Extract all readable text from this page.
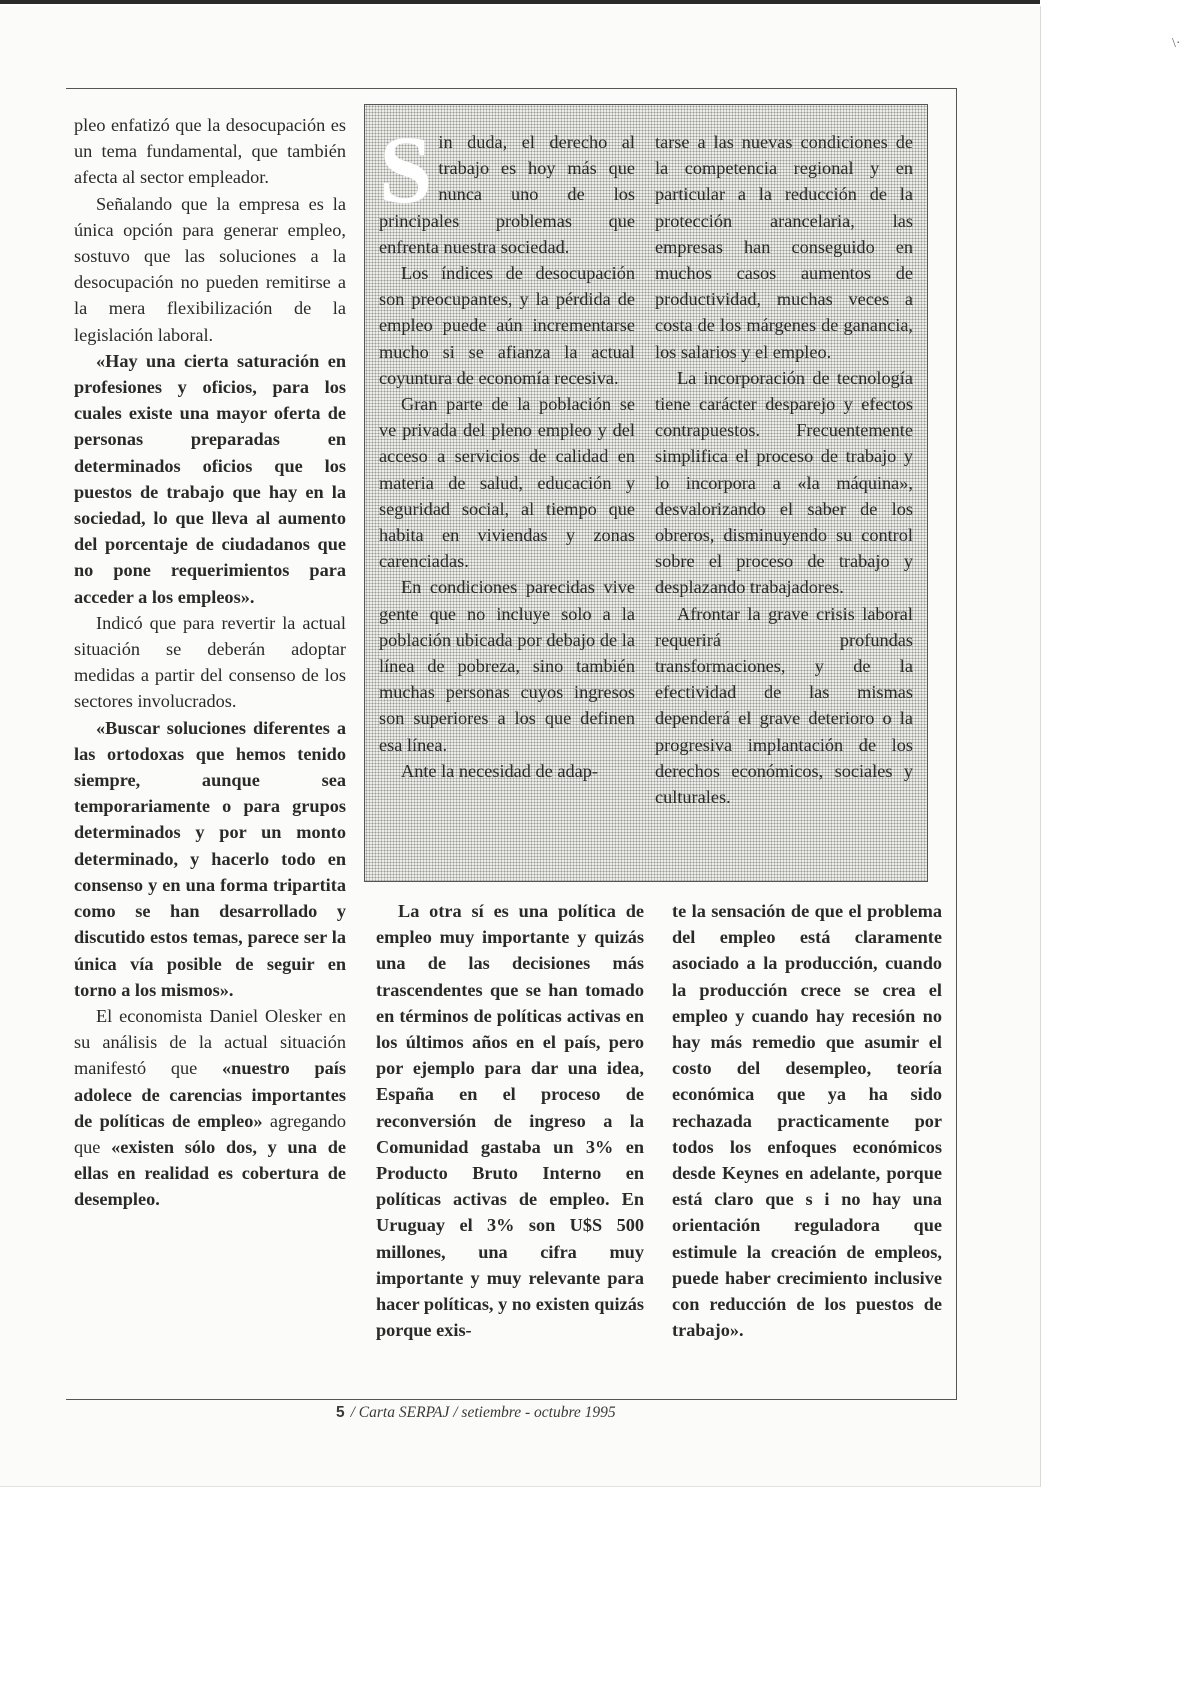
pleo enfatizó que la desocupación es un tema fundamental, que también afecta al sector empleador.

Señalando que la empresa es la única opción para generar empleo, sostuvo que las soluciones a la desocupación no pueden remitirse a la mera flexibilización de la legislación laboral.

«Hay una cierta saturación en profesiones y oficios, para los cuales existe una mayor oferta de personas preparadas en determinados oficios que los puestos de trabajo que hay en la sociedad, lo que lleva al aumento del porcentaje de ciudadanos que no pone requerimientos para acceder a los empleos».

Indicó que para revertir la actual situación se deberán adoptar medidas a partir del consenso de los sectores involucrados.

«Buscar soluciones diferentes a las ortodoxas que hemos tenido siempre, aunque sea temporariamente o para grupos determinados y por un monto determinado, y hacerlo todo en consenso y en una forma tripartita como se han desarrollado y discutido estos temas, parece ser la única vía posible de seguir en torno a los mismos».

El economista Daniel Olesker en su análisis de la actual situación manifestó que «nuestro país adolece de carencias importantes de políticas de empleo» agregando que «existen sólo dos, y una de ellas en realidad es cobertura de desempleo.

Sin duda, el derecho al trabajo es hoy más que nunca uno de los principales problemas que enfrenta nuestra sociedad.

Los índices de desocupación son preocupantes, y la pérdida de empleo puede aún incrementarse mucho si se afianza la actual coyuntura de economía recesiva.

Gran parte de la población se ve privada del pleno empleo y del acceso a servicios de calidad en materia de salud, educación y seguridad social, al tiempo que habita en viviendas y zonas carenciadas.

En condiciones parecidas vive gente que no incluye solo a la población ubicada por debajo de la línea de pobreza, sino también muchas personas cuyos ingresos son superiores a los que definen esa línea.

Ante la necesidad de adap-

tarse a las nuevas condiciones de la competencia regional y en particular a la reducción de la protección arancelaria, las empresas han conseguido en muchos casos aumentos de productividad, muchas veces a costa de los márgenes de ganancia, los salarios y el empleo.

La incorporación de tecnología tiene carácter desparejo y efectos contrapuestos. Frecuentemente simplifica el proceso de trabajo y lo incorpora a «la máquina», desvalorizando el saber de los obreros, disminuyendo su control sobre el proceso de trabajo y desplazando trabajadores.

Afrontar la grave crisis laboral requerirá profundas transformaciones, y de la efectividad de las mismas dependerá el grave deterioro o la progresiva implantación de los derechos económicos, sociales y culturales.

La otra sí es una política de empleo muy importante y quizás una de las decisiones más trascendentes que se han tomado en términos de políticas activas en los últimos años en el país, pero por ejemplo para dar una idea, España en el proceso de reconversión de ingreso a la Comunidad gastaba un 3% en Producto Bruto Interno en políticas activas de empleo. En Uruguay el 3% son U$S 500 millones, una cifra muy importante y muy relevante para hacer políticas, y no existen quizás porque exis-

te la sensación de que el problema del empleo está claramente asociado a la producción, cuando la producción crece se crea el empleo y cuando hay recesión no hay más remedio que asumir el costo del desempleo, teoría económica que ya ha sido rechazada practicamente por todos los enfoques económicos desde Keynes en adelante, porque está claro que s i no hay una orientación reguladora que estimule la creación de empleos, puede haber crecimiento inclusive con reducción de los puestos de trabajo».

5 / Carta SERPAJ / setiembre - octubre 1995
\·
